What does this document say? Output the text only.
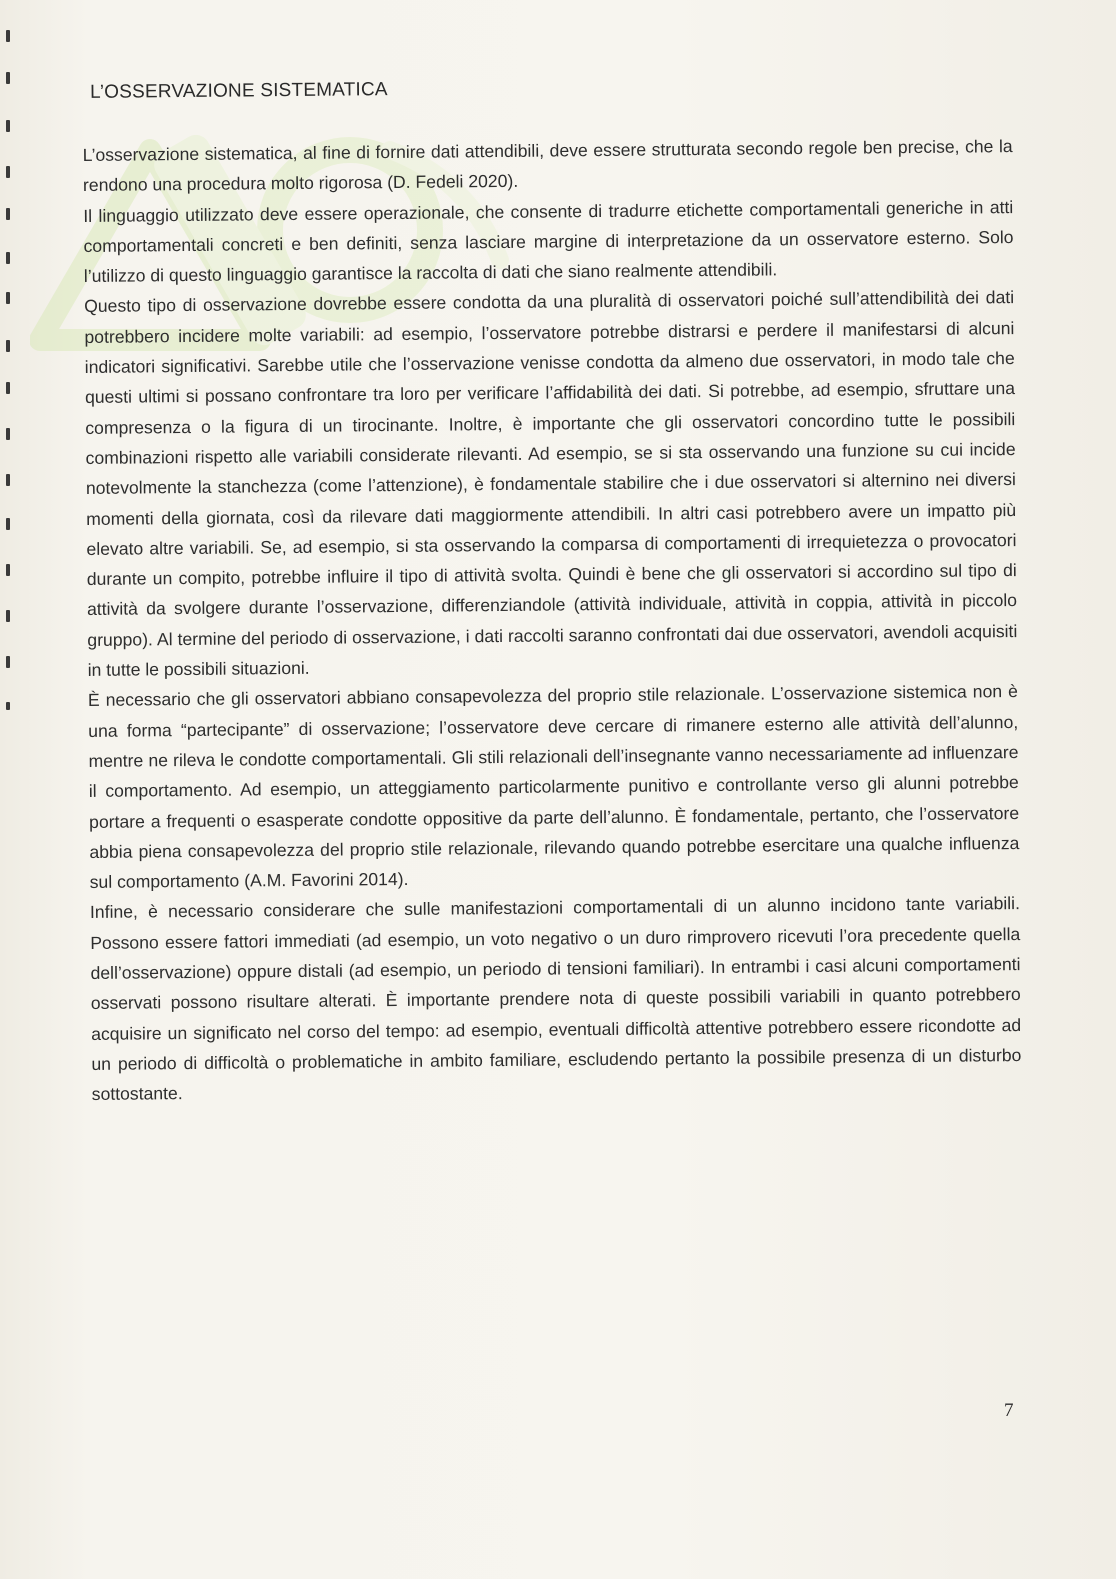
L’OSSERVAZIONE SISTEMATICA

L’osservazione sistematica, al fine di fornire dati attendibili, deve essere strutturata secondo regole ben precise, che la rendono una procedura molto rigorosa (D. Fedeli 2020).

Il linguaggio utilizzato deve essere operazionale, che consente di tradurre etichette comportamentali generiche in atti comportamentali concreti e ben definiti, senza lasciare margine di interpretazione da un osservatore esterno. Solo l’utilizzo di questo linguaggio garantisce la raccolta di dati che siano realmente attendibili.

Questo tipo di osservazione dovrebbe essere condotta da una pluralità di osservatori poiché sull’attendibilità dei dati potrebbero incidere molte variabili: ad esempio, l’osservatore potrebbe distrarsi e perdere il manifestarsi di alcuni indicatori significativi. Sarebbe utile che l’osservazione venisse condotta da almeno due osservatori, in modo tale che questi ultimi si possano confrontare tra loro per verificare l’affidabilità dei dati. Si potrebbe, ad esempio, sfruttare una compresenza o la figura di un tirocinante. Inoltre, è importante che gli osservatori concordino tutte le possibili combinazioni rispetto alle variabili considerate rilevanti. Ad esempio, se si sta osservando una funzione su cui incide notevolmente la stanchezza (come l’attenzione), è fondamentale stabilire che i due osservatori si alternino nei diversi momenti della giornata, così da rilevare dati maggiormente attendibili. In altri casi potrebbero avere un impatto più elevato altre variabili. Se, ad esempio, si sta osservando la comparsa di comportamenti di irrequietezza o provocatori durante un compito, potrebbe influire il tipo di attività svolta. Quindi è bene che gli osservatori si accordino sul tipo di attività da svolgere durante l’osservazione, differenziandole (attività individuale, attività in coppia, attività in piccolo gruppo). Al termine del periodo di osservazione, i dati raccolti saranno confrontati dai due osservatori, avendoli acquisiti in tutte le possibili situazioni.

È necessario che gli osservatori abbiano consapevolezza del proprio stile relazionale. L’osservazione sistemica non è una forma “partecipante” di osservazione; l’osservatore deve cercare di rimanere esterno alle attività dell’alunno, mentre ne rileva le condotte comportamentali. Gli stili relazionali dell’insegnante vanno necessariamente ad influenzare il comportamento. Ad esempio, un atteggiamento particolarmente punitivo e controllante verso gli alunni potrebbe portare a frequenti o esasperate condotte oppositive da parte dell’alunno. È fondamentale, pertanto, che l’osservatore abbia piena consapevolezza del proprio stile relazionale, rilevando quando potrebbe esercitare una qualche influenza sul comportamento (A.M. Favorini 2014).

Infine, è necessario considerare che sulle manifestazioni comportamentali di un alunno incidono tante variabili. Possono essere fattori immediati (ad esempio, un voto negativo o un duro rimprovero ricevuti l’ora precedente quella dell’osservazione) oppure distali (ad esempio, un periodo di tensioni familiari). In entrambi i casi alcuni comportamenti osservati possono risultare alterati. È importante prendere nota di queste possibili variabili in quanto potrebbero acquisire un significato nel corso del tempo: ad esempio, eventuali difficoltà attentive potrebbero essere ricondotte ad un periodo di difficoltà o problematiche in ambito familiare, escludendo pertanto la possibile presenza di un disturbo sottostante.

7
